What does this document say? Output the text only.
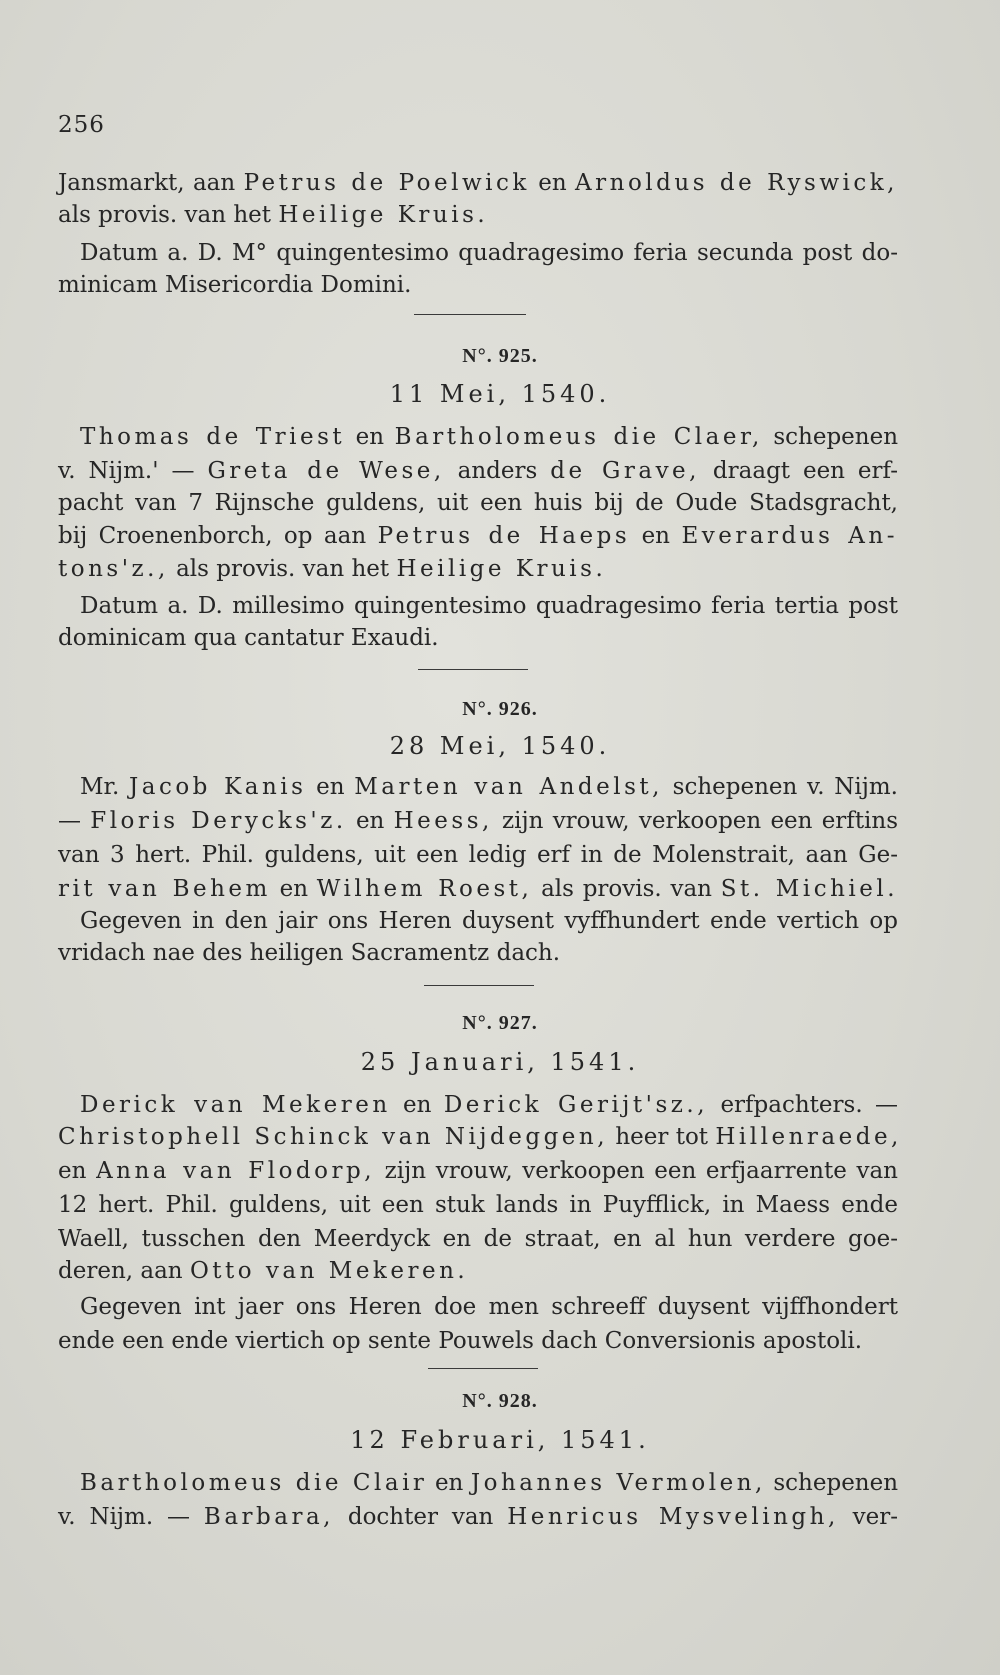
256
Jansmarkt, aan Petrus de Poelwick en Arnoldus de Ryswick,
als provis. van het Heilige Kruis.
Datum a. D. M° quingentesimo quadragesimo feria secunda post do-
minicam Misericordia Domini.
N°. 925.
11 Mei, 1540.
Thomas de Triest en Bartholomeus die Claer, schepenen
v. Nijm.' — Greta de Wese, anders de Grave, draagt een erf-
pacht van 7 Rijnsche guldens, uit een huis bij de Oude Stadsgracht,
bij Croenenborch, op aan Petrus de Haeps en Everardus An-
tons'z., als provis. van het Heilige Kruis.
Datum a. D. millesimo quingentesimo quadragesimo feria tertia post
dominicam qua cantatur Exaudi.
N°. 926.
28 Mei, 1540.
Mr. Jacob Kanis en Marten van Andelst, schepenen v. Nijm.
— Floris Derycks'z. en Heess, zijn vrouw, verkoopen een erftins
van 3 hert. Phil. guldens, uit een ledig erf in de Molenstrait, aan Ge-
rit van Behem en Wilhem Roest, als provis. van St. Michiel.
Gegeven in den jair ons Heren duysent vyffhundert ende vertich op
vridach nae des heiligen Sacramentz dach.
N°. 927.
25 Januari, 1541.
Derick van Mekeren en Derick Gerijt'sz., erfpachters. —
Christophell Schinck van Nijdeggen, heer tot Hillenraede,
en Anna van Flodorp, zijn vrouw, verkoopen een erfjaarrente van
12 hert. Phil. guldens, uit een stuk lands in Puyfflick, in Maess ende
Waell, tusschen den Meerdyck en de straat, en al hun verdere goe-
deren, aan Otto van Mekeren.
Gegeven int jaer ons Heren doe men schreeff duysent vijffhondert
ende een ende viertich op sente Pouwels dach Conversionis apostoli.
N°. 928.
12 Februari, 1541.
Bartholomeus die Clair en Johannes Vermolen, schepenen
v. Nijm. — Barbara, dochter van Henricus Mysvelingh, ver-
